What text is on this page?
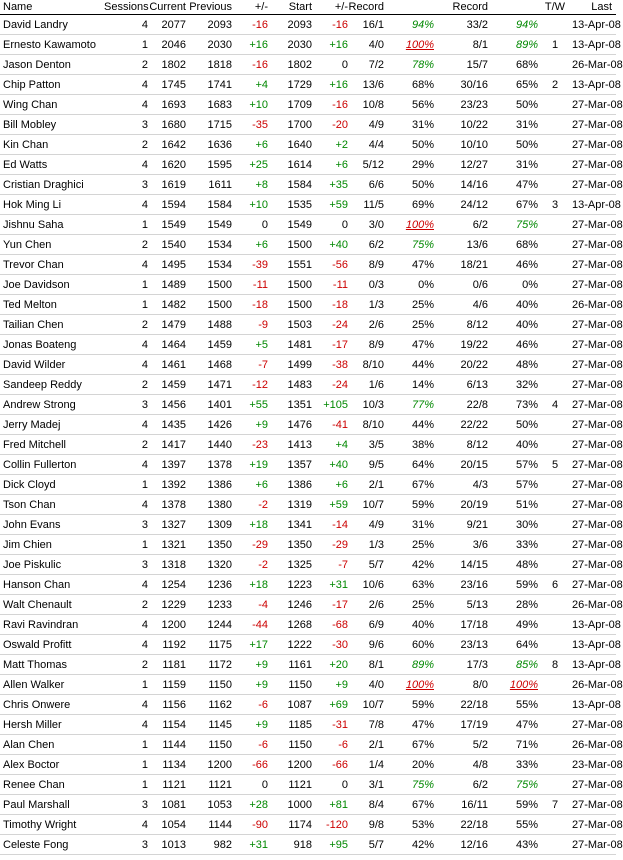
Name	Sessions	Current	Previous	+/-	Start	+/-	Record		Record		T/W	Last
David Landry	4	2077	2093	-16	2093	-16	16/1	94%	33/2	94%		13-Apr-08
Ernesto Kawamoto	1	2046	2030	+16	2030	+16	4/0	100%	8/1	89%	1	13-Apr-08
Jason Denton	2	1802	1818	-16	1802	0	7/2	78%	15/7	68%		26-Mar-08
Chip Patton	4	1745	1741	+4	1729	+16	13/6	68%	30/16	65%	2	13-Apr-08
Wing Chan	4	1693	1683	+10	1709	-16	10/8	56%	23/23	50%		27-Mar-08
Bill Mobley	3	1680	1715	-35	1700	-20	4/9	31%	10/22	31%		27-Mar-08
Kin Chan	2	1642	1636	+6	1640	+2	4/4	50%	10/10	50%		27-Mar-08
Ed Watts	4	1620	1595	+25	1614	+6	5/12	29%	12/27	31%		27-Mar-08
Cristian Draghici	3	1619	1611	+8	1584	+35	6/6	50%	14/16	47%		27-Mar-08
Hok Ming Li	4	1594	1584	+10	1535	+59	11/5	69%	24/12	67%	3	13-Apr-08
Jishnu Saha	1	1549	1549	0	1549	0	3/0	100%	6/2	75%		27-Mar-08
Yun Chen	2	1540	1534	+6	1500	+40	6/2	75%	13/6	68%		27-Mar-08
Trevor Chan	4	1495	1534	-39	1551	-56	8/9	47%	18/21	46%		27-Mar-08
Joe Davidson	1	1489	1500	-11	1500	-11	0/3	0%	0/6	0%		27-Mar-08
Ted Melton	1	1482	1500	-18	1500	-18	1/3	25%	4/6	40%		26-Mar-08
Tailian Chen	2	1479	1488	-9	1503	-24	2/6	25%	8/12	40%		27-Mar-08
Jonas Boateng	4	1464	1459	+5	1481	-17	8/9	47%	19/22	46%		27-Mar-08
David Wilder	4	1461	1468	-7	1499	-38	8/10	44%	20/22	48%		27-Mar-08
Sandeep Reddy	2	1459	1471	-12	1483	-24	1/6	14%	6/13	32%		27-Mar-08
Andrew Strong	3	1456	1401	+55	1351	+105	10/3	77%	22/8	73%	4	27-Mar-08
Jerry Madej	4	1435	1426	+9	1476	-41	8/10	44%	22/22	50%		27-Mar-08
Fred Mitchell	2	1417	1440	-23	1413	+4	3/5	38%	8/12	40%		27-Mar-08
Collin Fullerton	4	1397	1378	+19	1357	+40	9/5	64%	20/15	57%	5	27-Mar-08
Dick Cloyd	1	1392	1386	+6	1386	+6	2/1	67%	4/3	57%		27-Mar-08
Tson Chan	4	1378	1380	-2	1319	+59	10/7	59%	20/19	51%		27-Mar-08
John Evans	3	1327	1309	+18	1341	-14	4/9	31%	9/21	30%		27-Mar-08
Jim Chien	1	1321	1350	-29	1350	-29	1/3	25%	3/6	33%		27-Mar-08
Joe Piskulic	3	1318	1320	-2	1325	-7	5/7	42%	14/15	48%		27-Mar-08
Hanson Chan	4	1254	1236	+18	1223	+31	10/6	63%	23/16	59%	6	27-Mar-08
Walt Chenault	2	1229	1233	-4	1246	-17	2/6	25%	5/13	28%		26-Mar-08
Ravi Ravindran	4	1200	1244	-44	1268	-68	6/9	40%	17/18	49%		13-Apr-08
Oswald Profitt	4	1192	1175	+17	1222	-30	9/6	60%	23/13	64%		13-Apr-08
Matt Thomas	2	1181	1172	+9	1161	+20	8/1	89%	17/3	85%	8	13-Apr-08
Allen Walker	1	1159	1150	+9	1150	+9	4/0	100%	8/0	100%		26-Mar-08
Chris Onwere	4	1156	1162	-6	1087	+69	10/7	59%	22/18	55%		13-Apr-08
Hersh Miller	4	1154	1145	+9	1185	-31	7/8	47%	17/19	47%		27-Mar-08
Alan Chen	1	1144	1150	-6	1150	-6	2/1	67%	5/2	71%		26-Mar-08
Alex Boctor	1	1134	1200	-66	1200	-66	1/4	20%	4/8	33%		23-Mar-08
Renee Chan	1	1121	1121	0	1121	0	3/1	75%	6/2	75%		27-Mar-08
Paul Marshall	3	1081	1053	+28	1000	+81	8/4	67%	16/11	59%	7	27-Mar-08
Timothy Wright	4	1054	1144	-90	1174	-120	9/8	53%	22/18	55%		27-Mar-08
Celeste Fong	3	1013	982	+31	918	+95	5/7	42%	12/16	43%		27-Mar-08
